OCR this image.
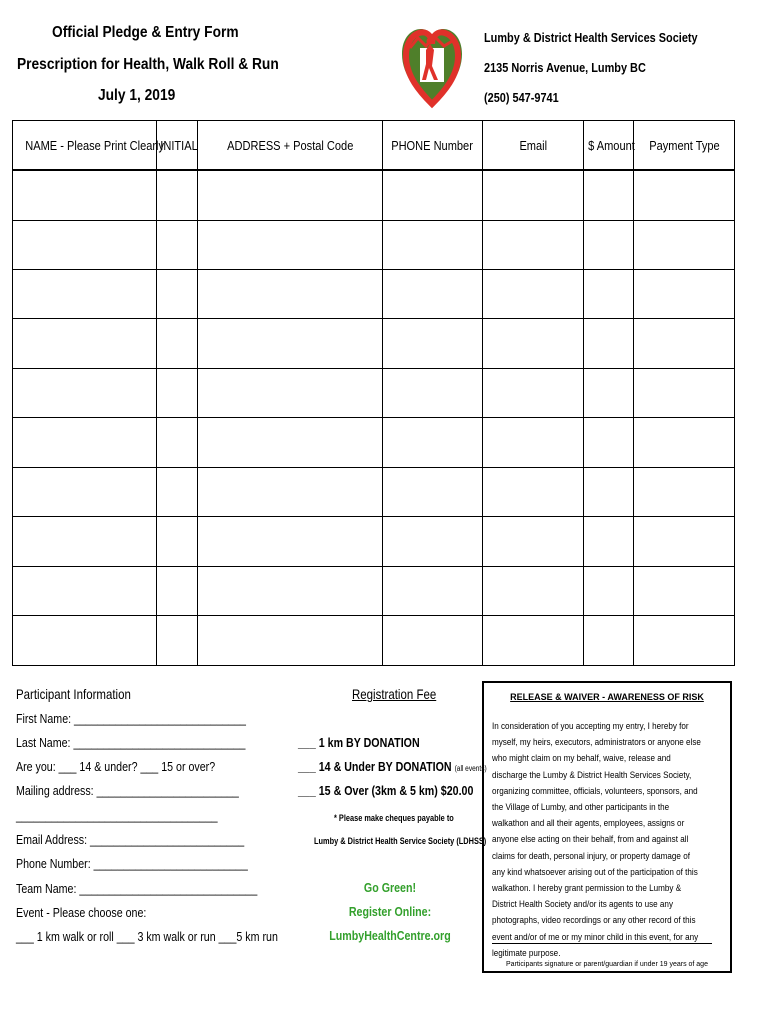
Official Pledge & Entry Form
Prescription for Health, Walk Roll & Run
July 1, 2019
Lumby & District Health Services Society
2135 Norris Avenue, Lumby BC
(250) 547-9741
NAME - Please Print Clearly	INITIAL	ADDRESS + Postal Code	PHONE Number	Email	$ Amount	Payment Type

Participant Information
First Name: _____________________________
Last Name: _____________________________
Are you: ___ 14 & under? ___ 15 or over?
Mailing address: ________________________
__________________________________
Email Address: __________________________
Phone Number: __________________________
Team Name: ______________________________
Event - Please choose one:
___ 1 km walk or roll ___ 3 km walk or run ___5 km run
Registration Fee
___ 1 km BY DONATION
___ 14 & Under BY DONATION (all events)
___ 15 & Over (3km & 5 km) $20.00
* Please make cheques payable to
Lumby & District Health Service Society (LDHSS)
Go Green!
Register Online:
LumbyHealthCentre.org
RELEASE & WAIVER - AWARENESS OF RISK
In consideration of you accepting my entry, I hereby for myself, my heirs, executors, administrators or anyone else who might claim on my behalf, waive, release and discharge the Lumby & District Health Services Society, organizing committee, officials, volunteers, sponsors, and the Village of Lumby, and other participants in the walkathon and all their agents, employees, assigns or anyone else acting on their behalf, from and against all claims for death, personal injury, or property damage of any kind whatsoever arising out of the participation of this walkathon. I hereby grant permission to the Lumby & District Health Society and/or its agents to use any photographs, video recordings or any other record of this event and/or of me or my minor child in this event, for any legitimate purpose.
Participants signature or parent/guardian if under 19 years of age
